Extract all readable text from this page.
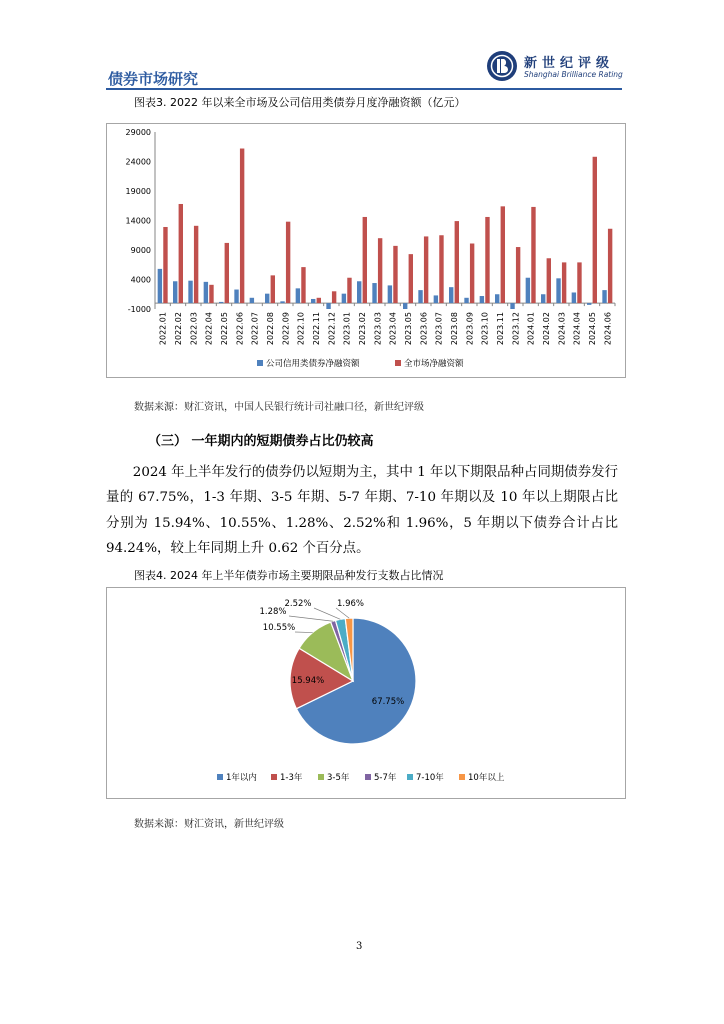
债券市场研究
新世纪评级
Shanghai Brilliance Rating
图表3. 2022 年以来全市场及公司信用类债券月度净融资额（亿元）
29000
24000
19000
14000
9000
4000
-1000
2022.01 2022.02 2022.03 2022.04 2022.05 2022.06 2022.07 2022.08 2022.09 2022.10 2022.11 2022.12 2023.01 2023.02 2023.03 2023.04 2023.05 2023.06 2023.07 2023.08 2023.09 2023.10 2023.11 2023.12 2024.01 2024.02 2024.03 2024.04 2024.05 2024.06
公司信用类债券净融资额	全市场净融资额
数据来源：财汇资讯，中国人民银行统计司社融口径，新世纪评级
（三） 一年期内的短期债券占比仍较高
2024 年上半年发行的债券仍以短期为主，其中 1 年以下期限品种占同期债券发行量的 67.75%，1-3 年期、3-5 年期、5-7 年期、7-10 年期以及 10 年以上期限占比分别为 15.94%、10.55%、1.28%、2.52%和 1.96%，5 年期以下债券合计占比 94.24%，较上年同期上升 0.62 个百分点。
图表4. 2024 年上半年债券市场主要期限品种发行支数占比情况
67.75%
15.94%
10.55%
1.28%
2.52%	1.96%
1年以内	1-3年	3-5年	5-7年 7-10年	10年以上
数据来源：财汇资讯，新世纪评级
3
